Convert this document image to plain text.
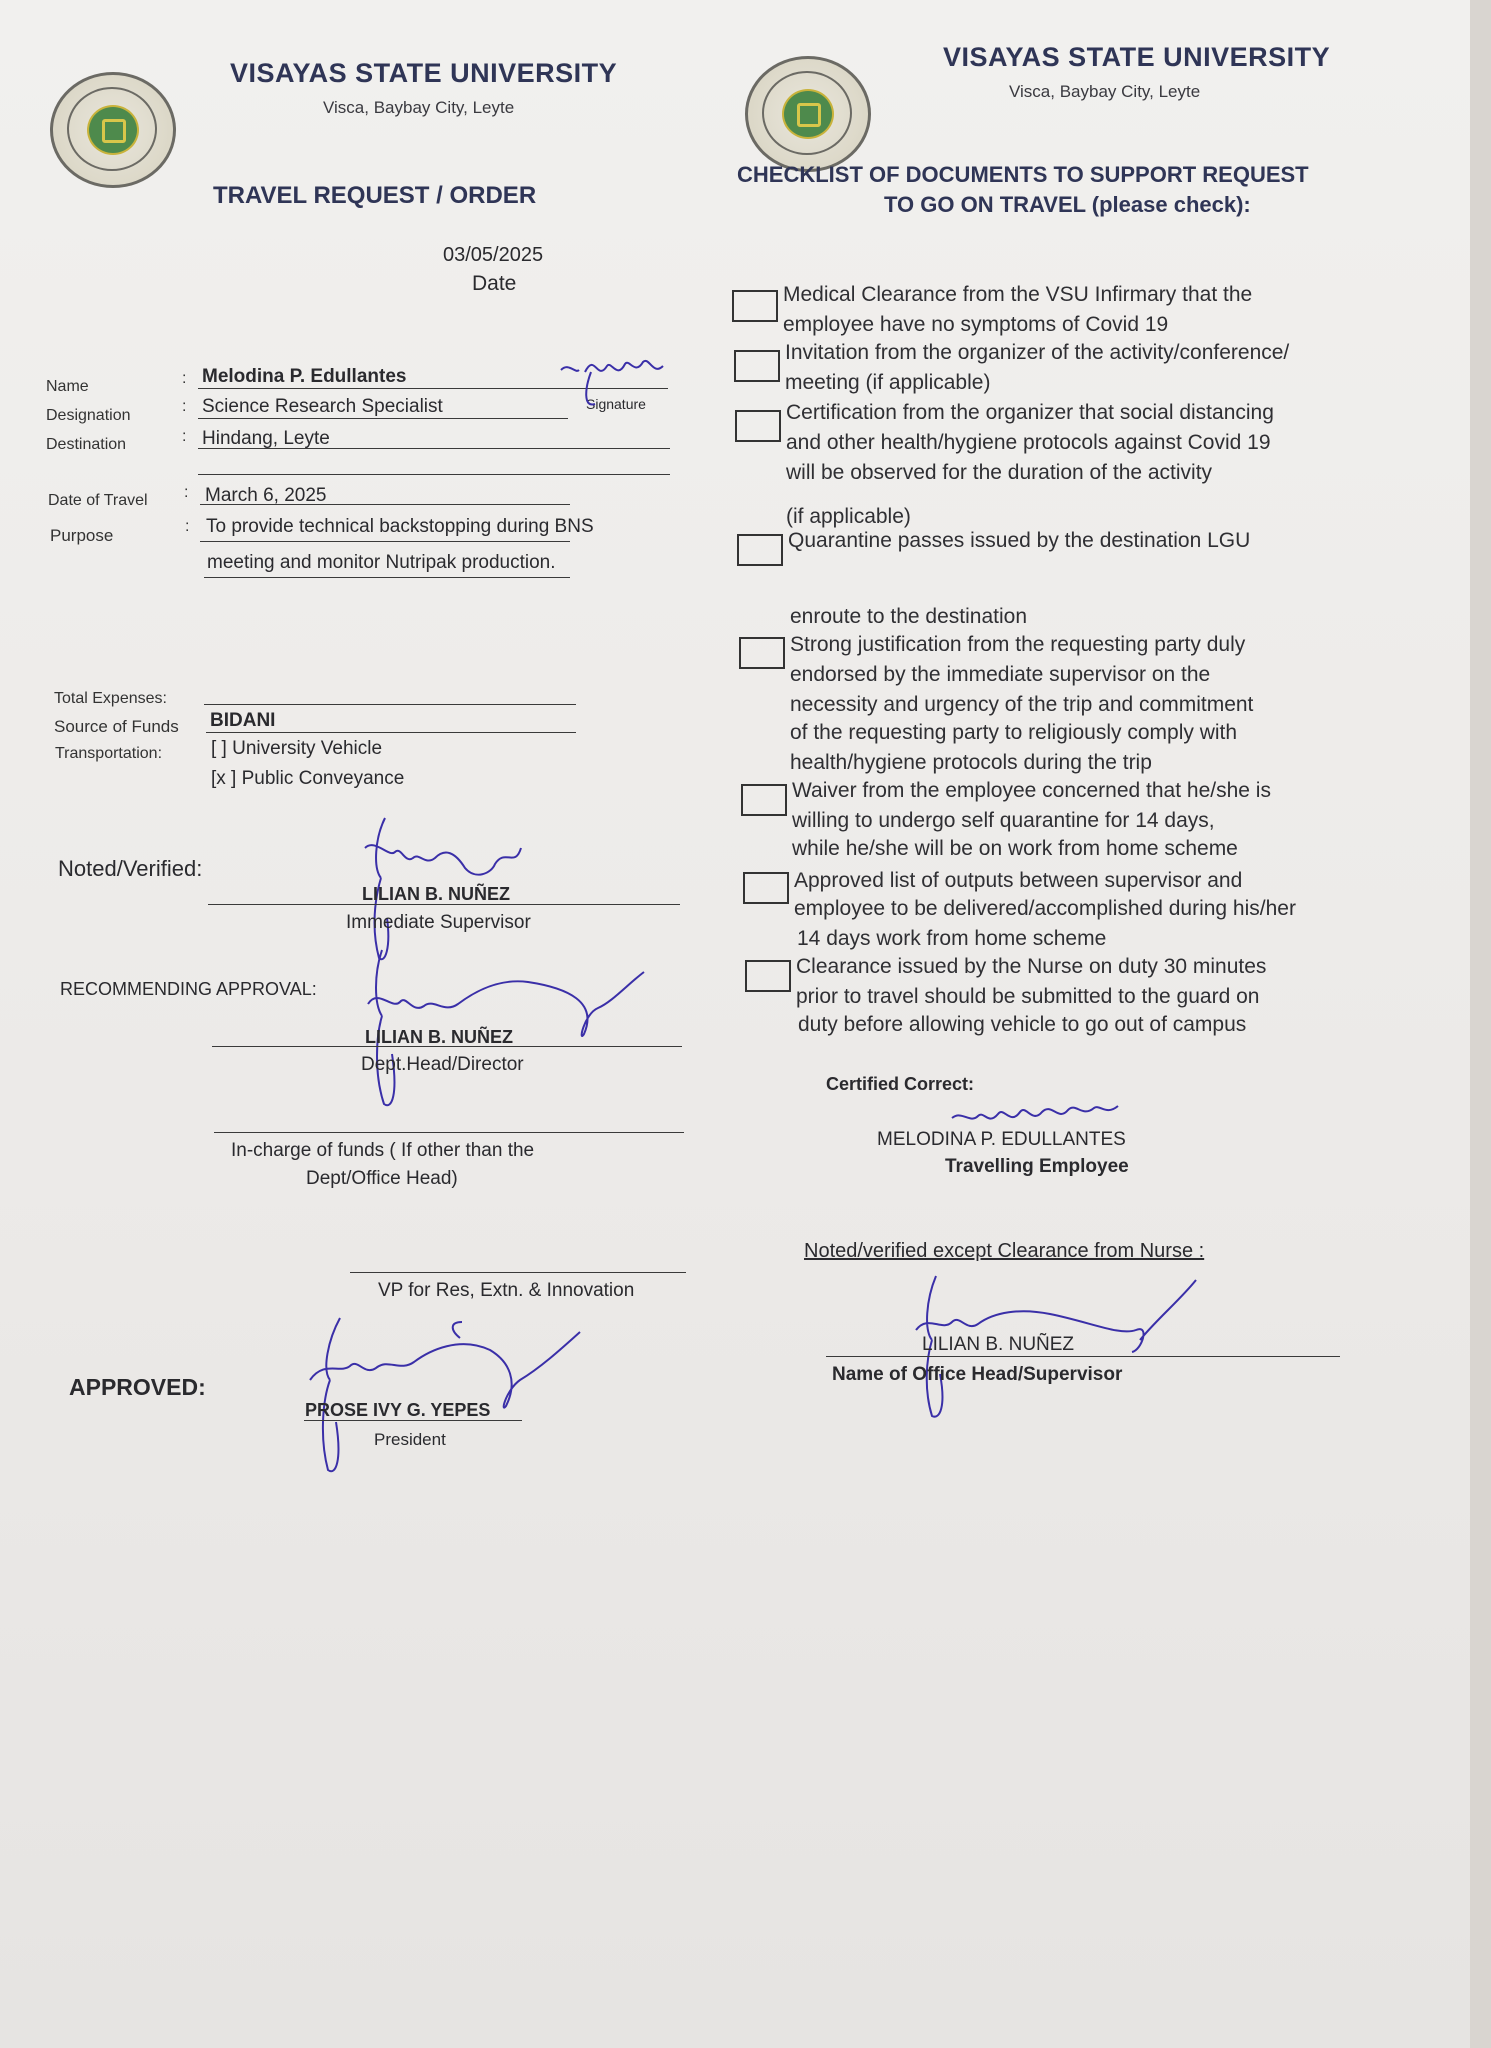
VISAYAS STATE UNIVERSITY
Visca, Baybay City, Leyte
TRAVEL REQUEST / ORDER
03/05/2025
Date
VISAYAS STATE UNIVERSITY
Visca, Baybay City, Leyte
CHECKLIST OF DOCUMENTS TO SUPPORT REQUEST
TO GO ON TRAVEL (please check):
Name	: Melodina P. Edullantes
Signature
Designation
: Science Research Specialist
Destination	: Hindang, Leyte
Date of Travel : March 6, 2025
Purpose	: To provide technical backstopping during BNS
meeting and monitor Nutripak production.
Total Expenses:
Source of Funds BIDANI
Transportation:	[ ] University Vehicle
[x ] Public Conveyance
Noted/Verified:
LILIAN B. NUÑEZ
Immediate Supervisor
RECOMMENDING APPROVAL:
LILIAN B. NUÑEZ
Dept.Head/Director
In-charge of funds ( If other than the
Dept/Office Head)
VP for Res, Extn. & Innovation
APPROVED:
PROSE IVY G. YEPES
President
Medical Clearance from the VSU Infirmary that the
employee have no symptoms of Covid 19
Invitation from the organizer of the activity/conference/
meeting (if applicable)
Certification from the organizer that social distancing
and other health/hygiene protocols against Covid 19
will be observed for the duration of the activity
(if applicable)
Quarantine passes issued by the destination LGU
enroute to the destination
Strong justification from the requesting party duly
endorsed by the immediate supervisor on the
necessity and urgency of the trip and commitment
of the requesting party to religiously comply with
health/hygiene protocols during the trip
Waiver from the employee concerned that he/she is
willing to undergo self quarantine for 14 days,
while he/she will be on work from home scheme
Approved list of outputs between supervisor and
employee to be delivered/accomplished during his/her
14 days work from home scheme
Clearance issued by the Nurse on duty 30 minutes
prior to travel should be submitted to the guard on
duty before allowing vehicle to go out of campus
Certified Correct:
MELODINA P. EDULLANTES
Travelling Employee
Noted/verified except Clearance from Nurse :
LILIAN B. NUÑEZ
Name of Office Head/Supervisor
